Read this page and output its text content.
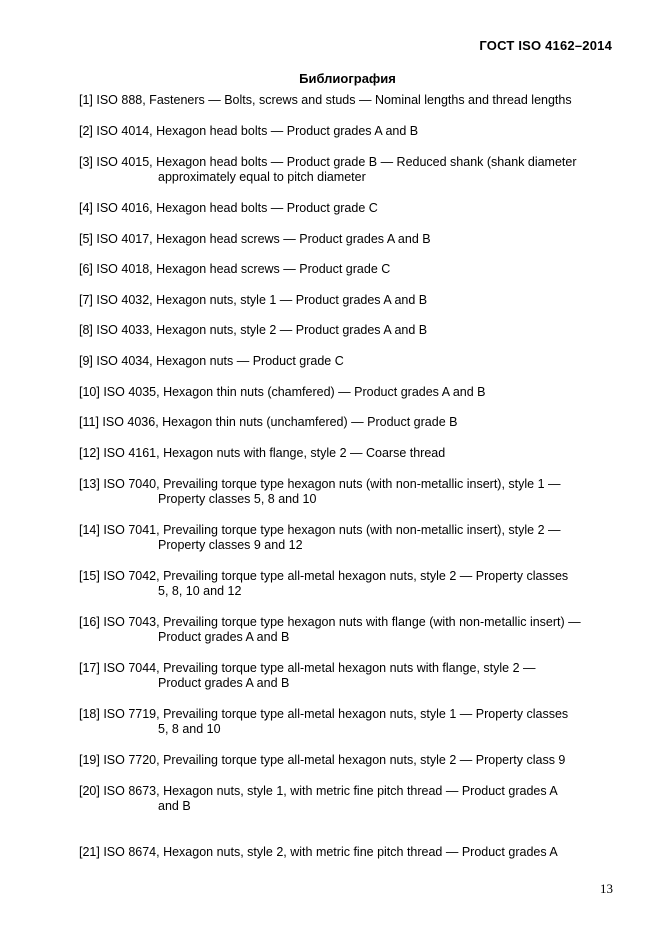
ГОСТ ISO 4162–2014
Библиография
[1] ISO 888, Fasteners — Bolts, screws and studs — Nominal lengths and thread lengths
[2] ISO 4014, Hexagon head bolts — Product grades A and B
[3] ISO 4015, Hexagon head bolts — Product grade B — Reduced shank (shank diameter
approximately equal to pitch diameter
[4] ISO 4016, Hexagon head bolts — Product grade C
[5] ISO 4017, Hexagon head screws — Product grades A and B
[6] ISO 4018, Hexagon head screws — Product grade C
[7] ISO 4032, Hexagon nuts, style 1 — Product grades A and B
[8] ISO 4033, Hexagon nuts, style 2 — Product grades A and B
[9] ISO 4034, Hexagon nuts — Product grade C
[10] ISO 4035, Hexagon thin nuts (chamfered) — Product grades A and B
[11] ISO 4036, Hexagon thin nuts (unchamfered) — Product grade B
[12] ISO 4161, Hexagon nuts with flange, style 2 — Coarse thread
[13] ISO 7040, Prevailing torque type hexagon nuts (with non-metallic insert), style 1 —
Property classes 5, 8 and 10
[14] ISO 7041, Prevailing torque type hexagon nuts (with non-metallic insert), style 2 —
Property classes 9 and 12
[15] ISO 7042, Prevailing torque type all-metal hexagon nuts, style 2 — Property classes
5, 8, 10 and 12
[16] ISO 7043, Prevailing torque type hexagon nuts with flange (with non-metallic insert) —
Product grades A and B
[17] ISO 7044, Prevailing torque type all-metal hexagon nuts with flange, style 2 —
Product grades A and B
[18] ISO 7719, Prevailing torque type all-metal hexagon nuts, style 1 — Property classes
5, 8 and 10
[19] ISO 7720, Prevailing torque type all-metal hexagon nuts, style 2 — Property class 9
[20] ISO 8673, Hexagon nuts, style 1, with metric fine pitch thread — Product grades A
and B
[21] ISO 8674, Hexagon nuts, style 2, with metric fine pitch thread — Product grades A
13
